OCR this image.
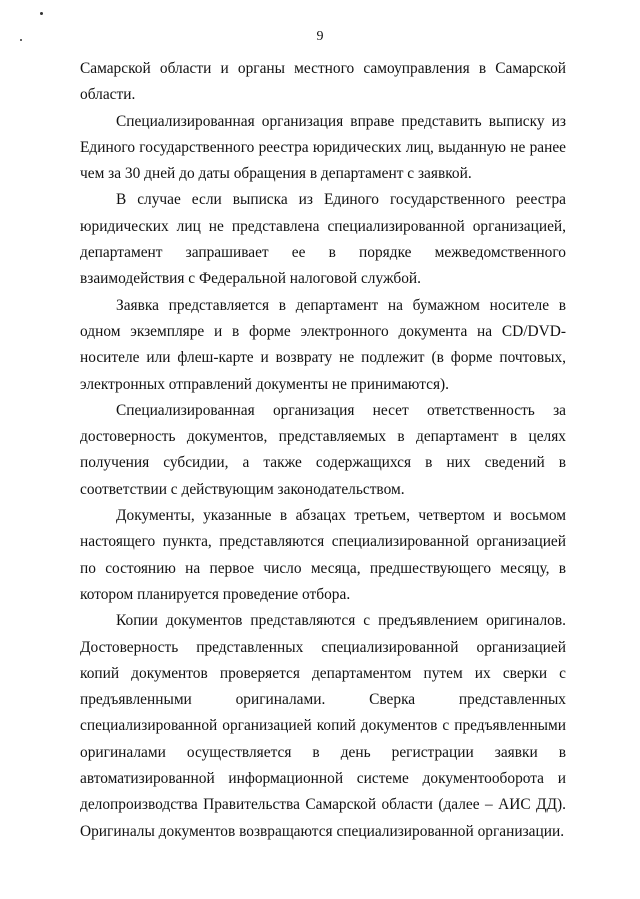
9

Самарской области и органы местного самоуправления в Самарской области.

Специализированная организация вправе представить выписку из Единого государственного реестра юридических лиц, выданную не ранее чем за 30 дней до даты обращения в департамент с заявкой.

В случае если выписка из Единого государственного реестра юридических лиц не представлена специализированной организацией, департамент запрашивает ее в порядке межведомственного взаимодействия с Федеральной налоговой службой.

Заявка представляется в департамент на бумажном носителе в одном экземпляре и в форме электронного документа на CD/DVD-носителе или флеш-карте и возврату не подлежит (в форме почтовых, электронных отправлений документы не принимаются).

Специализированная организация несет ответственность за достоверность документов, представляемых в департамент в целях получения субсидии, а также содержащихся в них сведений в соответствии с действующим законодательством.

Документы, указанные в абзацах третьем, четвертом и восьмом настоящего пункта, представляются специализированной организацией по состоянию на первое число месяца, предшествующего месяцу, в котором планируется проведение отбора.

Копии документов представляются с предъявлением оригиналов. Достоверность представленных специализированной организацией копий документов проверяется департаментом путем их сверки с предъявленными оригиналами. Сверка представленных специализированной организацией копий документов с предъявленными оригиналами осуществляется в день регистрации заявки в автоматизированной информационной системе документооборота и делопроизводства Правительства Самарской области (далее – АИС ДД). Оригиналы документов возвращаются специализированной организации.
